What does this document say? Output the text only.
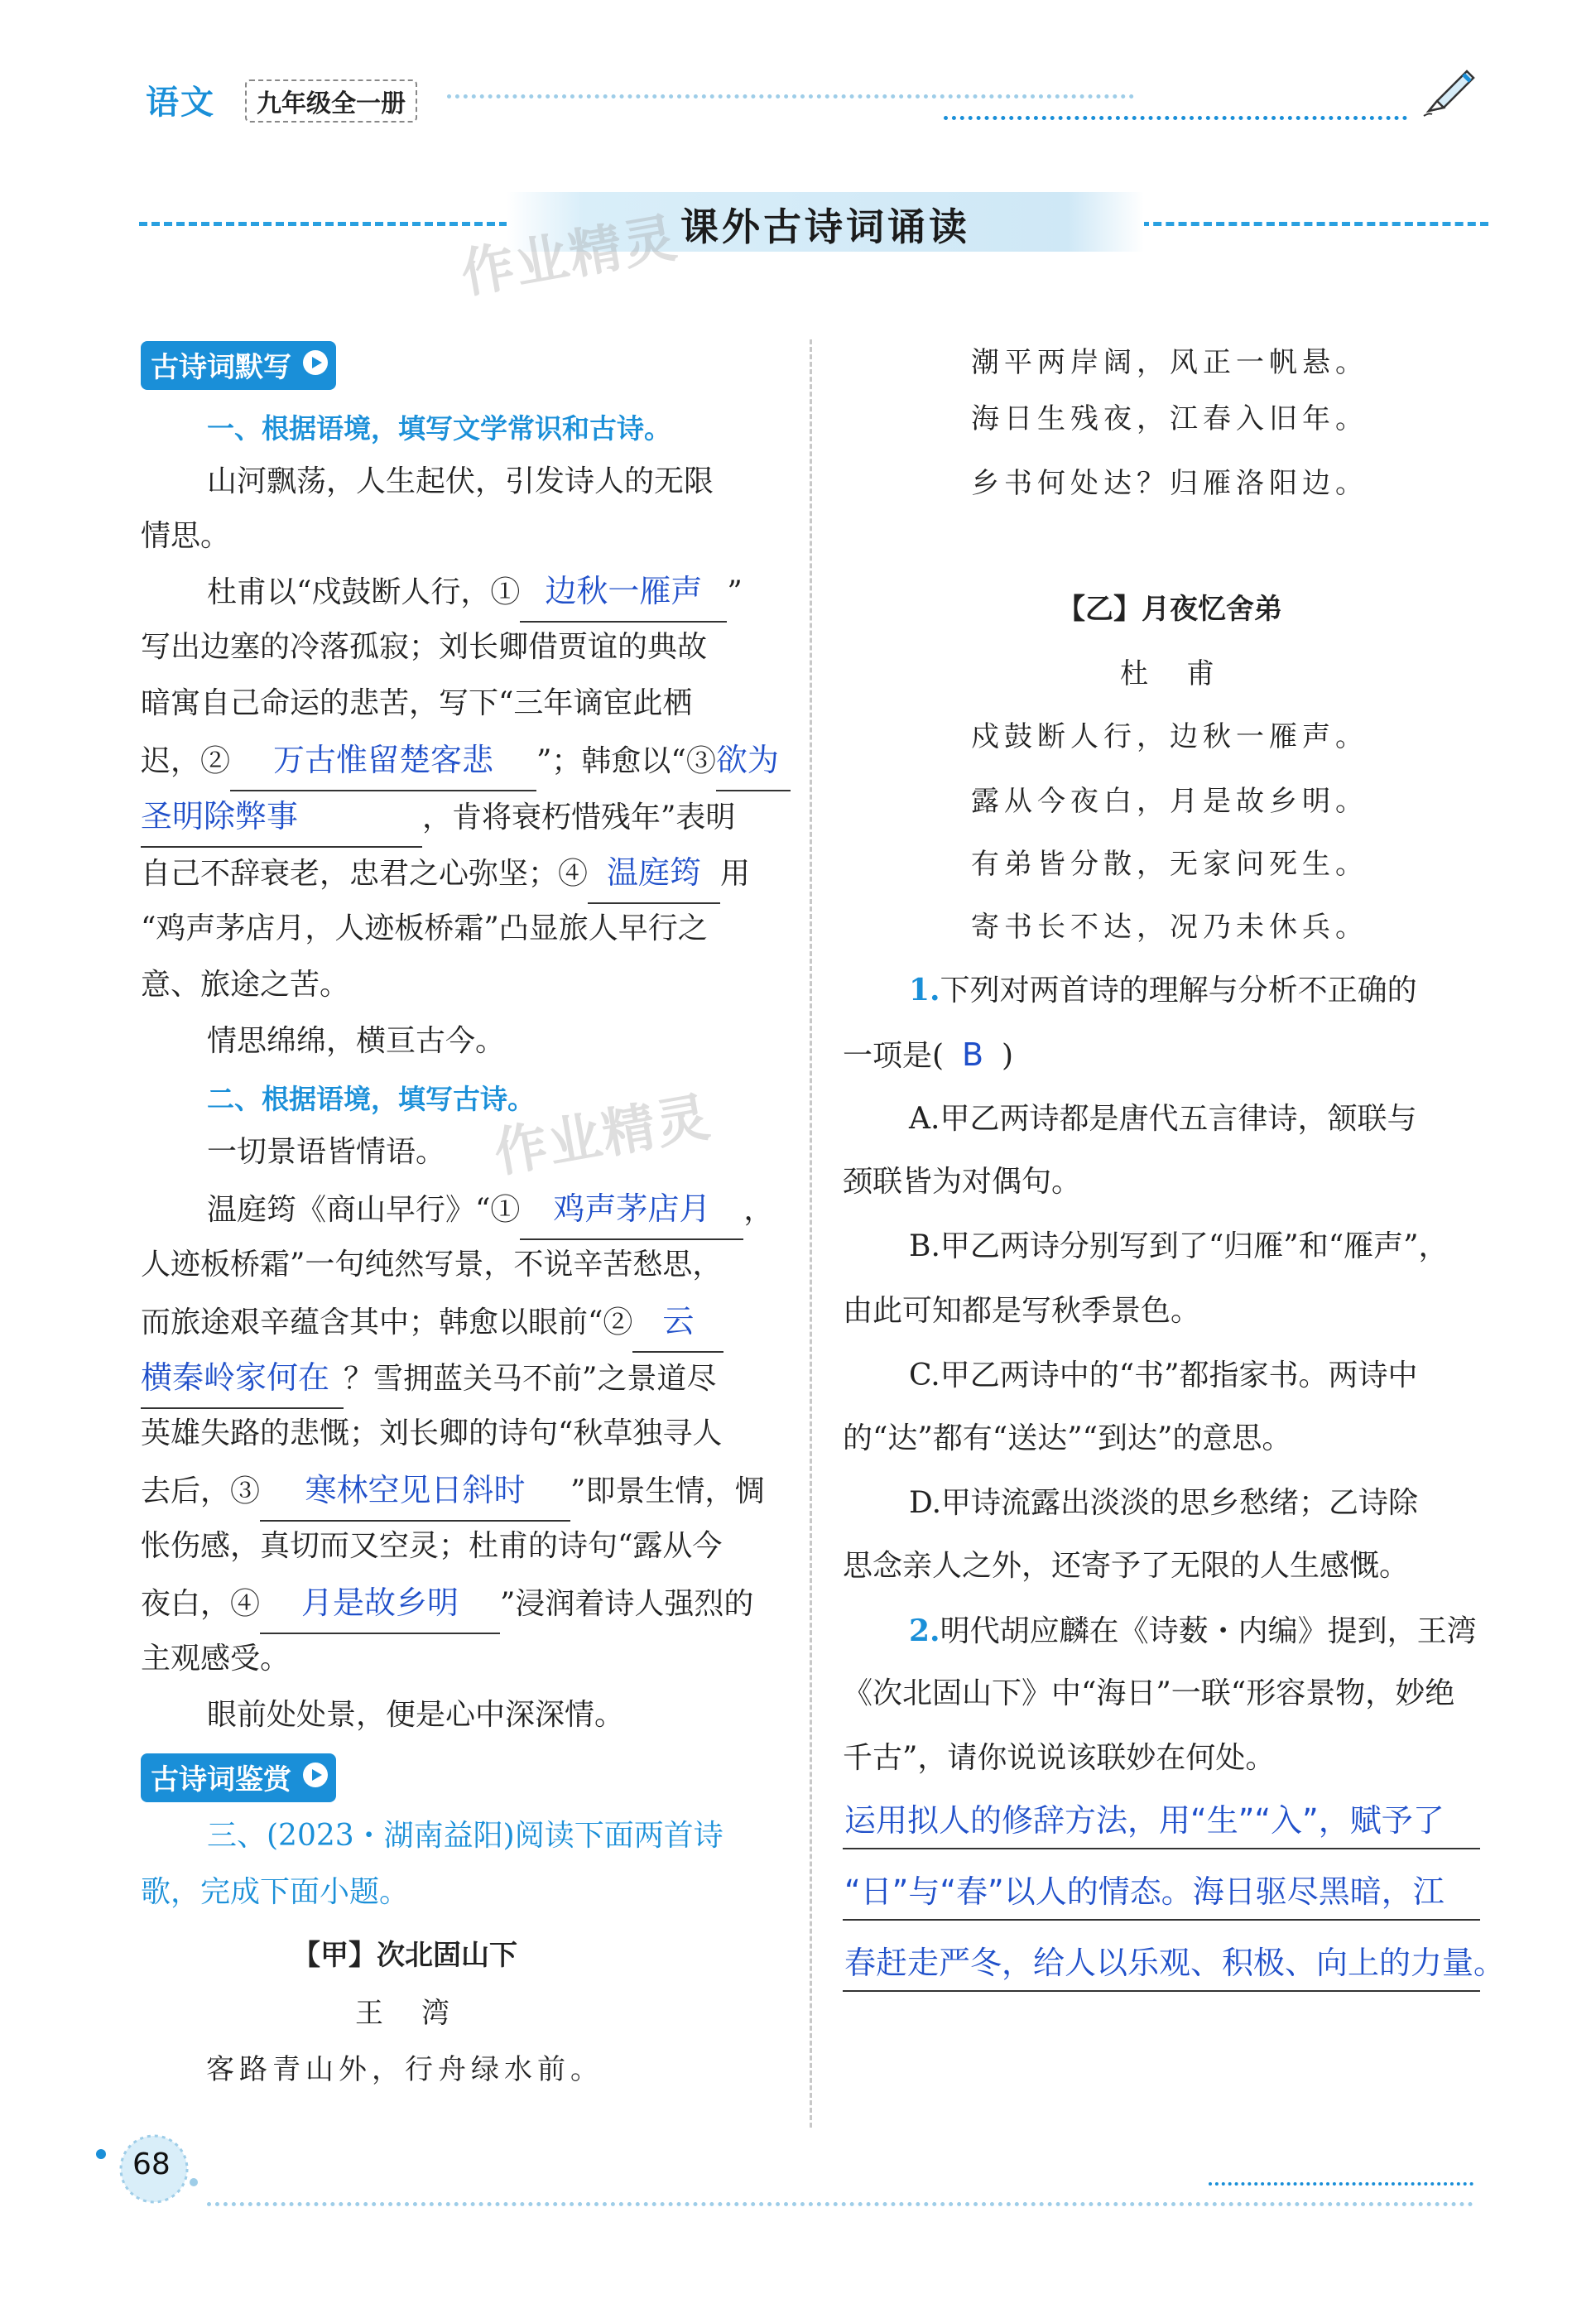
语文	九年级全一册
课外古诗词诵读
作业精灵
作业精灵
古诗词默写
一、根据语境，填写文学常识和古诗。
山河飘荡，人生起伏，引发诗人的无限
情思。
杜甫以“戍鼓断人行，① 边秋一雁声 ”
写出边塞的冷落孤寂；刘长卿借贾谊的典故
暗寓自己命运的悲苦，写下“三年谪宦此栖
迟，② 万古惟留楚客悲 ”；韩愈以“③欲为
圣明除弊事	，肯将衰朽惜残年”表明
自己不辞衰老，忠君之心弥坚；④ 温庭筠 用
“鸡声茅店月，人迹板桥霜”凸显旅人早行之
意、旅途之苦。
情思绵绵，横亘古今。
二、根据语境，填写古诗。
一切景语皆情语。
温庭筠《商山早行》“① 鸡声茅店月 ，
人迹板桥霜”一句纯然写景，不说辛苦愁思，
而旅途艰辛蕴含其中；韩愈以眼前“② 云
横秦岭家何在 ？雪拥蓝关马不前”之景道尽
英雄失路的悲慨；刘长卿的诗句“秋草独寻人
去后，③ 寒林空见日斜时 ”即景生情，惆
怅伤感，真切而又空灵；杜甫的诗句“露从今
夜白，④ 月是故乡明 ”浸润着诗人强烈的
主观感受。
眼前处处景，便是心中深深情。
古诗词鉴赏
三、(2023・湖南益阳)阅读下面两首诗
歌，完成下面小题。
【甲】次北固山下
王　湾
客路青山外，行舟绿水前。
潮平两岸阔，风正一帆悬。
海日生残夜，江春入旧年。
乡书何处达？归雁洛阳边。
【乙】月夜忆舍弟
杜　甫
戍鼓断人行，边秋一雁声。
露从今夜白，月是故乡明。
有弟皆分散，无家问死生。
寄书长不达，况乃未休兵。
1.下列对两首诗的理解与分析不正确的
一项是( B )
A.甲乙两诗都是唐代五言律诗，颔联与
颈联皆为对偶句。
B.甲乙两诗分别写到了“归雁”和“雁声”，
由此可知都是写秋季景色。
C.甲乙两诗中的“书”都指家书。两诗中
的“达”都有“送达”“到达”的意思。
D.甲诗流露出淡淡的思乡愁绪；乙诗除
思念亲人之外，还寄予了无限的人生感慨。
2.明代胡应麟在《诗薮・内编》提到，王湾
《次北固山下》中“海日”一联“形容景物，妙绝
千古”，请你说说该联妙在何处。
运用拟人的修辞方法，用“生”“入”，赋予了
“日”与“春”以人的情态。海日驱尽黑暗，江
春赶走严冬，给人以乐观、积极、向上的力量。
68
